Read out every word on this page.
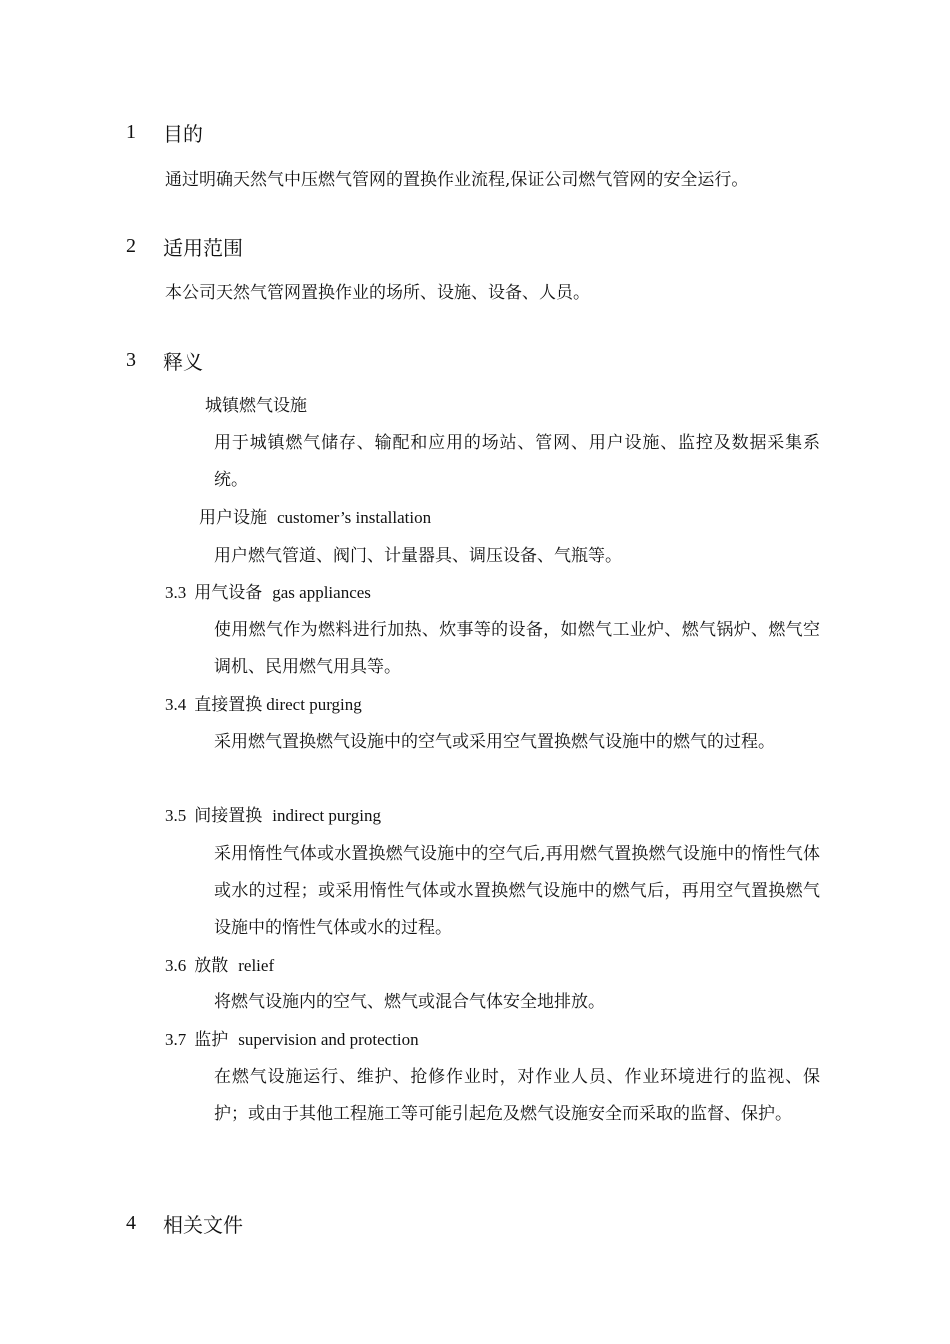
1	目的
通过明确天然气中压燃气管网的置换作业流程,保证公司燃气管网的安全运行。
2	适用范围
本公司天然气管网置换作业的场所、设施、设备、人员。
3	释义
城镇燃气设施
用于城镇燃气储存、输配和应用的场站、管网、用户设施、监控及数据采集系统。
用户设施 customer’s installation
用户燃气管道、阀门、计量器具、调压设备、气瓶等。
3.3 用气设备 gas appliances
使用燃气作为燃料进行加热、炊事等的设备，如燃气工业炉、燃气锅炉、燃气空调机、民用燃气用具等。
3.4 直接置换 direct purging
采用燃气置换燃气设施中的空气或采用空气置换燃气设施中的燃气的过程。
3.5 间接置换 indirect purging
采用惰性气体或水置换燃气设施中的空气后,再用燃气置换燃气设施中的惰性气体或水的过程；或采用惰性气体或水置换燃气设施中的燃气后，再用空气置换燃气设施中的惰性气体或水的过程。
3.6 放散 relief
将燃气设施内的空气、燃气或混合气体安全地排放。
3.7 监护 supervision and protection
在燃气设施运行、维护、抢修作业时，对作业人员、作业环境进行的监视、保护；或由于其他工程施工等可能引起危及燃气设施安全而采取的监督、保护。
4	相关文件
